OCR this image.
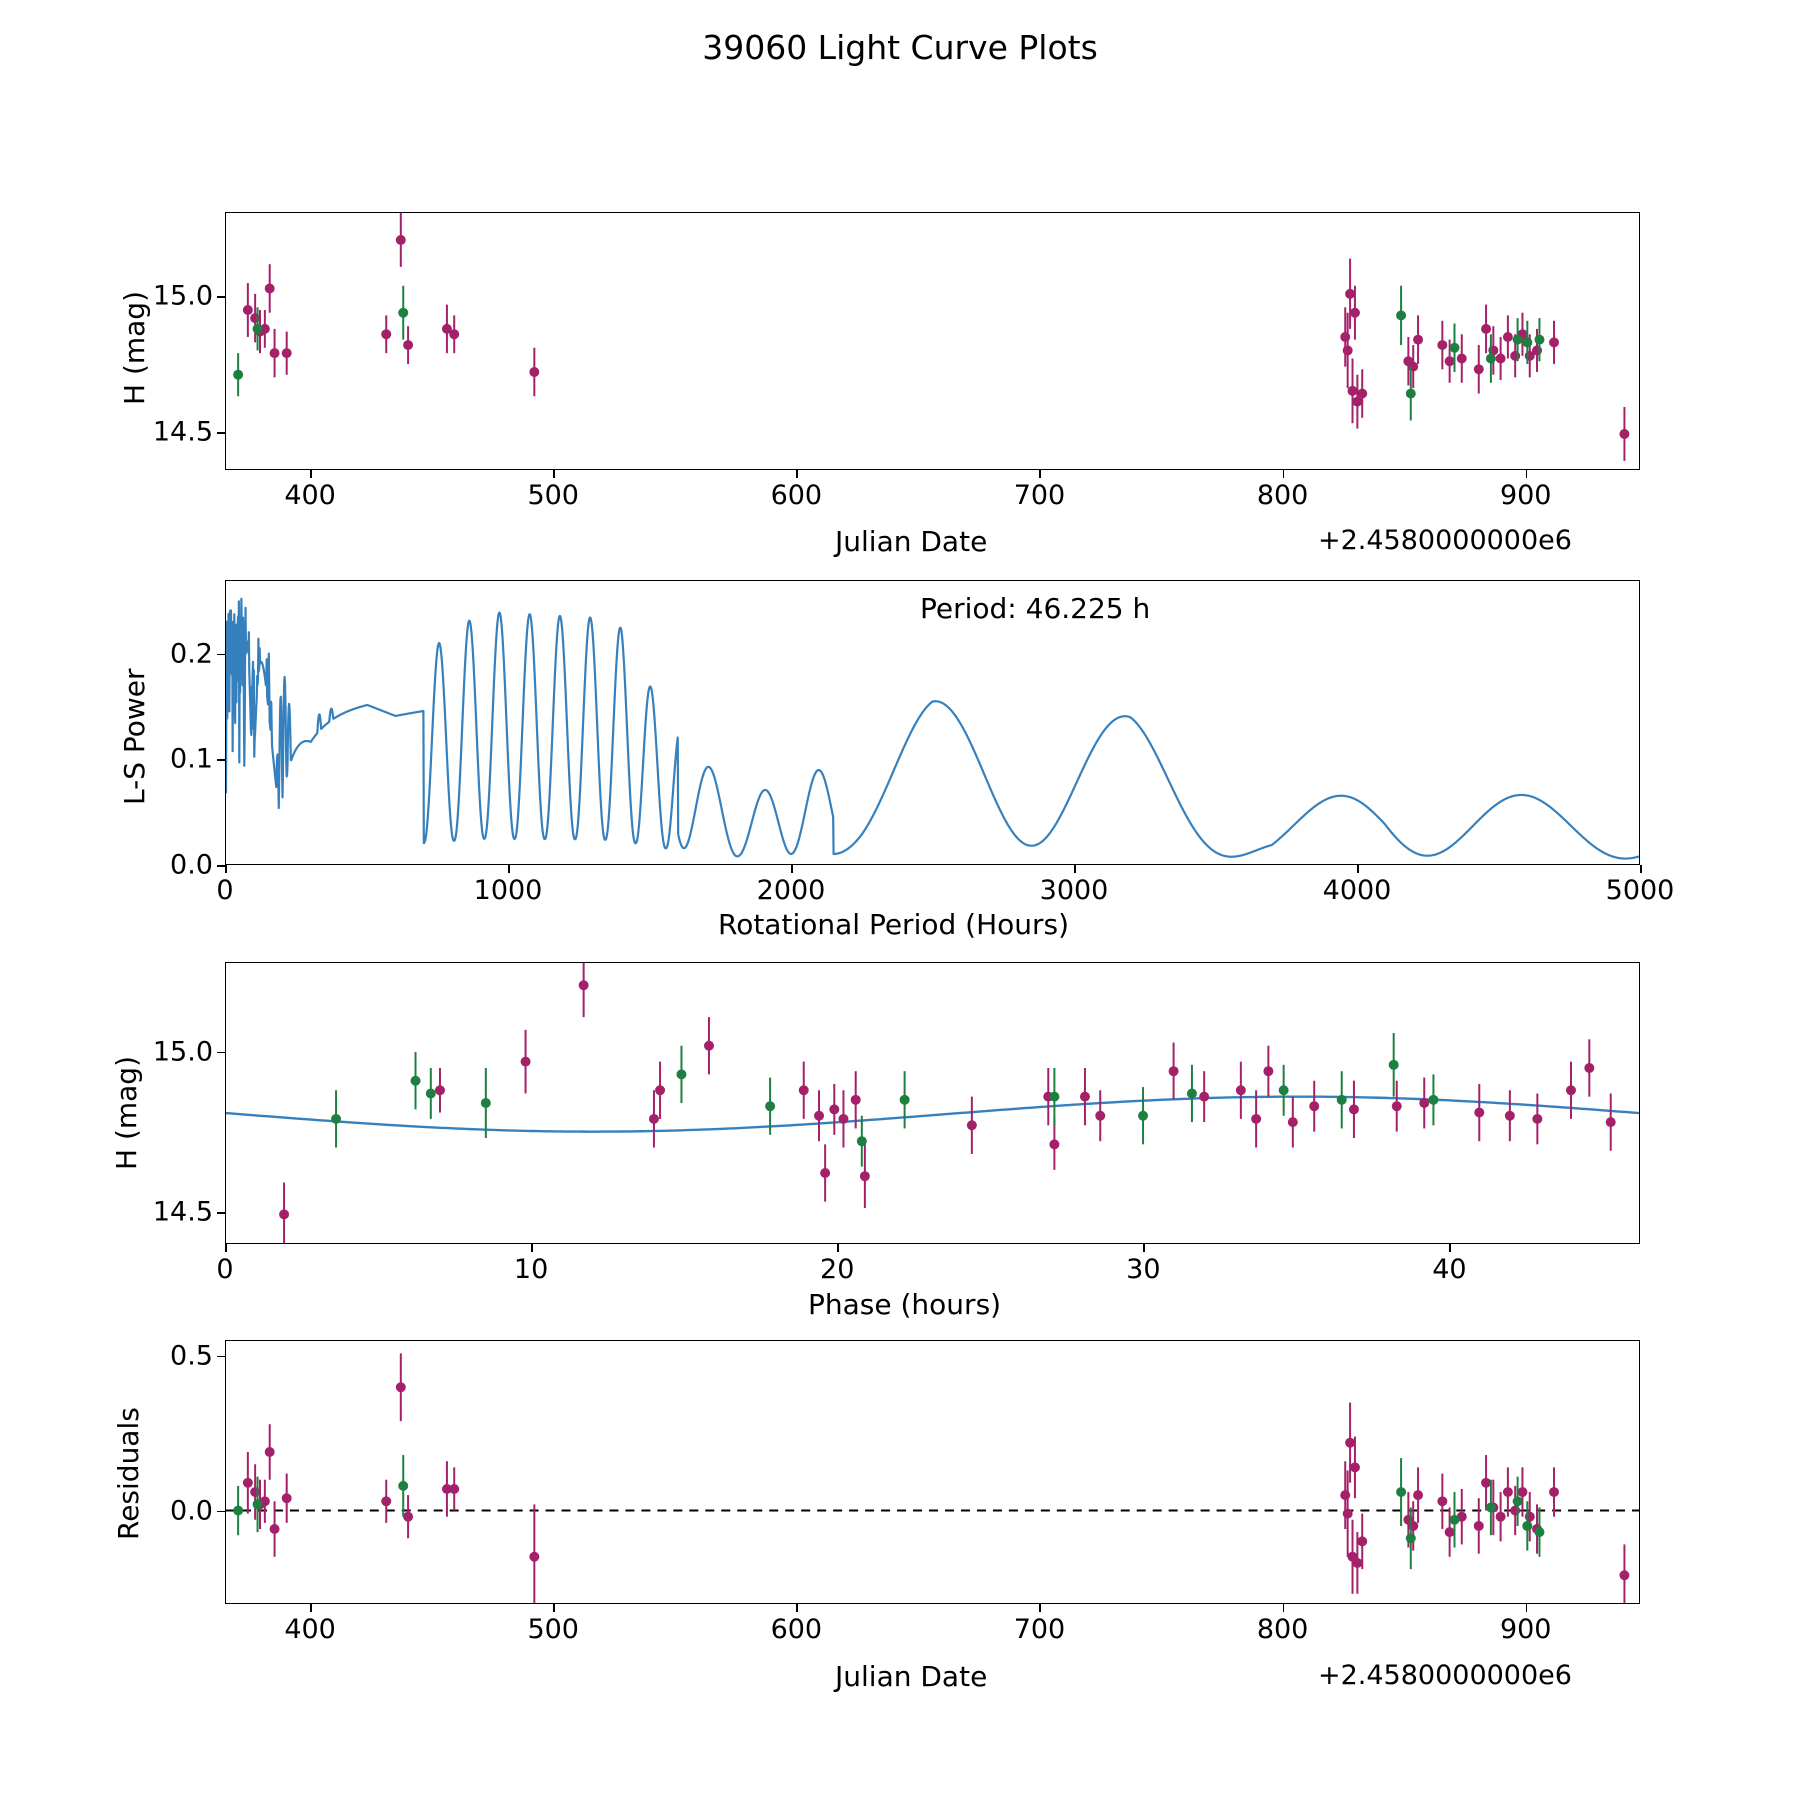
39060 Light Curve Plots
H (mag)
Julian Date	+2.4580000000e6
400	500	600	700	800	900
14.5
15.0
Period: 46.225 h
L-S Power
Rotational Period (Hours)
0	1000	2000	3000	4000	5000
0.0
0.1
0.2
H (mag)
Phase (hours)
0	10	20	30	40
14.5
15.0
Residuals
Julian Date	+2.4580000000e6
400	500	600	700	800	900
0.0
0.5
